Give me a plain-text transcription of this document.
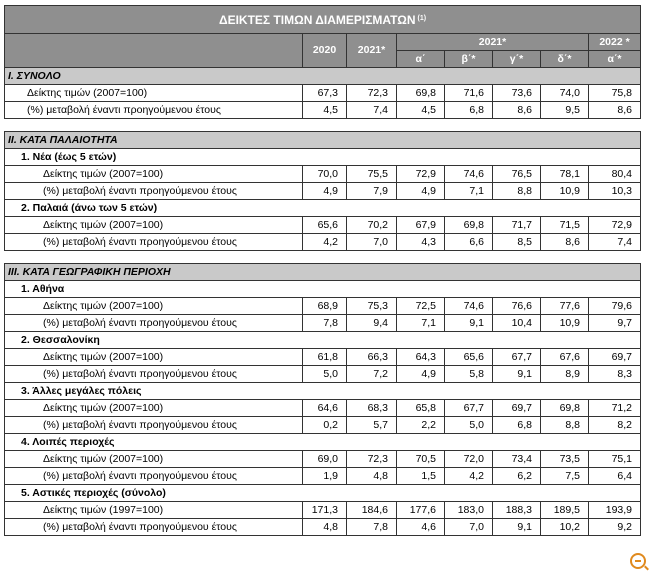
ΔΕΙΚΤΕΣ ΤΙΜΩΝ ΔΙΑΜΕΡΙΣΜΑΤΩΝ $^{(1)}$
	2020	2021*	2021*				2022 *
			α΄	β΄*	γ΄*	δ΄*	α΄*
I. ΣΥΝΟΛΟ							
Δείκτης τιμών (2007=100)	67,3	72,3	69,8	71,6	73,6	74,0	75,8
(%) μεταβολή έναντι προηγούμενου έτους	4,5	7,4	4,5	6,8	8,6	9,5	8,6

II. ΚΑΤΑ ΠΑΛΑΙΟΤΗΤΑ							
1. Νέα (έως 5 ετών)							
Δείκτης τιμών (2007=100)	70,0	75,5	72,9	74,6	76,5	78,1	80,4
(%) μεταβολή έναντι προηγούμενου έτους	4,9	7,9	4,9	7,1	8,8	10,9	10,3
2. Παλαιά (άνω των 5 ετών)							
Δείκτης τιμών (2007=100)	65,6	70,2	67,9	69,8	71,7	71,5	72,9
(%) μεταβολή έναντι προηγούμενου έτους	4,2	7,0	4,3	6,6	8,5	8,6	7,4

III. ΚΑΤΑ ΓΕΩΓΡΑΦΙΚΗ ΠΕΡΙΟΧΗ							
1. Αθήνα							
Δείκτης τιμών (2007=100)	68,9	75,3	72,5	74,6	76,6	77,6	79,6
(%) μεταβολή έναντι προηγούμενου έτους	7,8	9,4	7,1	9,1	10,4	10,9	9,7
2. Θεσσαλονίκη							
Δείκτης τιμών (2007=100)	61,8	66,3	64,3	65,6	67,7	67,6	69,7
(%) μεταβολή έναντι προηγούμενου έτους	5,0	7,2	4,9	5,8	9,1	8,9	8,3
3. Άλλες μεγάλες πόλεις							
Δείκτης τιμών (2007=100)	64,6	68,3	65,8	67,7	69,7	69,8	71,2
(%) μεταβολή έναντι προηγούμενου έτους	0,2	5,7	2,2	5,0	6,8	8,8	8,2
4. Λοιπές περιοχές							
Δείκτης τιμών (2007=100)	69,0	72,3	70,5	72,0	73,4	73,5	75,1
(%) μεταβολή έναντι προηγούμενου έτους	1,9	4,8	1,5	4,2	6,2	7,5	6,4
5. Αστικές περιοχές (σύνολο)							
Δείκτης τιμών (1997=100)	171,3	184,6	177,6	183,0	188,3	189,5	193,9
(%) μεταβολή έναντι προηγούμενου έτους	4,8	7,8	4,6	7,0	9,1	10,2	9,2
